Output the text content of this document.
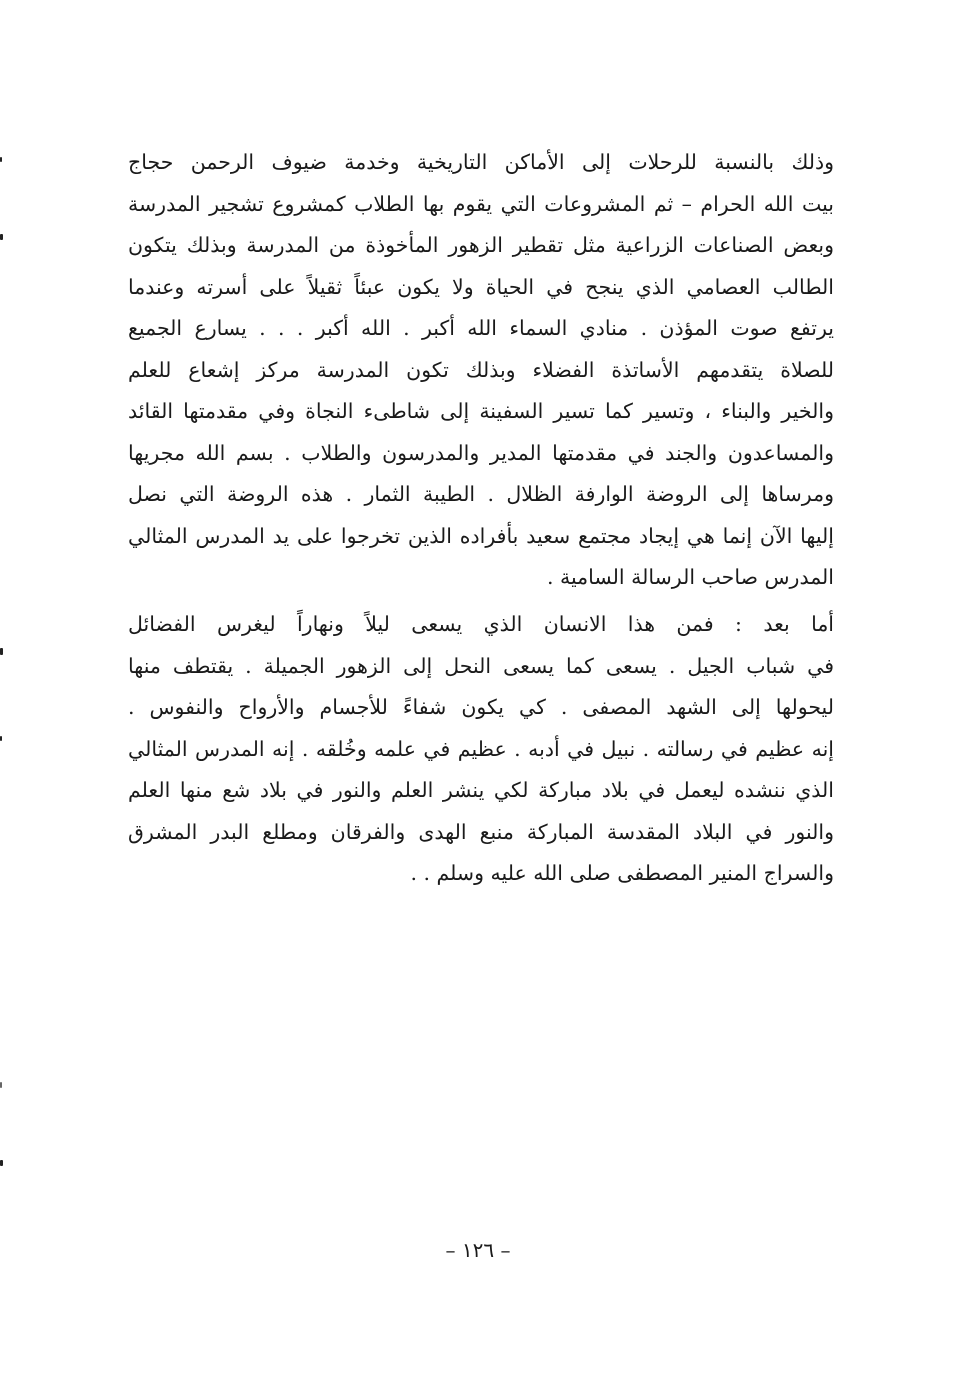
وذلك بالنسبة للرحلات إلى الأماكن التاريخية وخدمة ضيوف الرحمن حجاج
بيت الله الحرام – ثم المشروعات التي يقوم بها الطلاب كمشروع تشجير المدرسة
وبعض الصناعات الزراعية مثل تقطير الزهور المأخوذة من المدرسة وبذلك يتكون
الطالب العصامي الذي ينجح في الحياة ولا يكون عبئاً ثقيلاً على أسرته وعندما
يرتفع صوت المؤذن . منادي السماء الله أكبر . الله أكبر . . . يسارع الجميع
للصلاة يتقدمهم الأساتذة الفضلاء وبذلك تكون المدرسة مركز إشعاع للعلم
والخير والبناء ، وتسير كما تسير السفينة إلى شاطىء النجاة وفي مقدمتها القائد
والمساعدون والجند في مقدمتها المدير والمدرسون والطلاب . بسم الله مجريها
ومرساها إلى الروضة الوارفة الظلال . الطيبة الثمار . هذه الروضة التي نصل
إليها الآن إنما هي إيجاد مجتمع سعيد بأفراده الذين تخرجوا على يد المدرس المثالي
المدرس صاحب الرسالة السامية .
أما بعد : فمن هذا الانسان الذي يسعى ليلاً ونهاراً ليغرس الفضائل
في شباب الجيل . يسعى كما يسعى النحل إلى الزهور الجميلة . يقتطف منها
ليحولها إلى الشهد المصفى . كي يكون شفاءً للأجسام والأرواح والنفوس .
إنه عظيم في رسالته . نبيل في أدبه . عظيم في علمه وخُلقه . إنه المدرس المثالي
الذي ننشده ليعمل في بلاد مباركة لكي ينشر العلم والنور في بلاد شع منها العلم
والنور في البلاد المقدسة المباركة منبع الهدى والفرقان ومطلع البدر المشرق
والسراج المنير المصطفى صلى الله عليه وسلم . .
– ١٢٦ –
